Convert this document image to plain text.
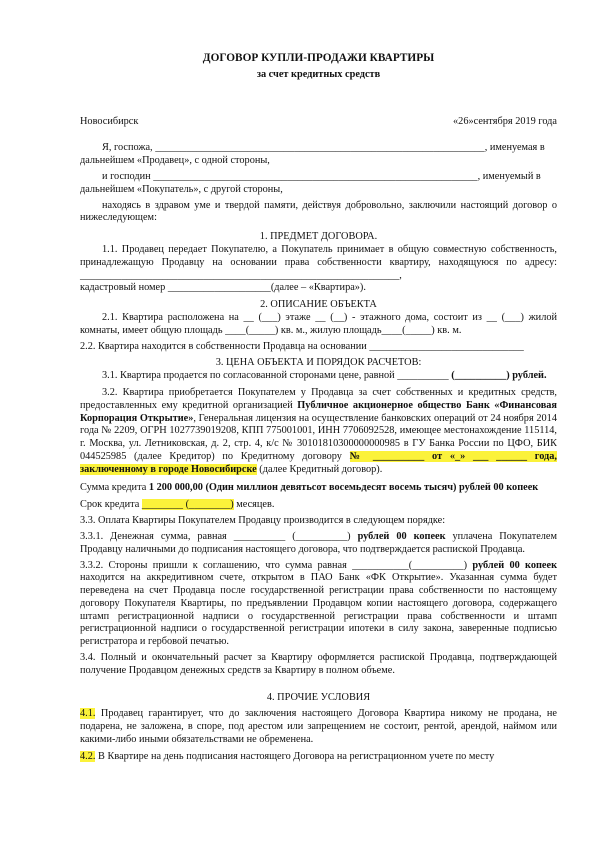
ДОГОВОР КУПЛИ-ПРОДАЖИ КВАРТИРЫ

за счет кредитных средств

Новосибирск	«26»сентября 2019 года

Я, госпожа, ________________________________________________________________, именуемая в

дальнейшем «Продавец», с одной стороны,

и господин _______________________________________________________________, именуемый в

дальнейшем «Покупатель», с другой стороны,

находясь в здравом уме и твердой памяти, действуя добровольно, заключили настоящий договор о нижеследующем:

1. ПРЕДМЕТ ДОГОВОРА.

1.1. Продавец передает Покупателю, а Покупатель принимает в общую совместную собственность, принадлежащую Продавцу на основании права собственности квартиру, находящуюся по адресу: ______________________________________________________________,

кадастровый номер ____________________(далее – «Квартира»).

2. ОПИСАНИЕ ОБЪЕКТА

2.1. Квартира расположена на __ (___) этаже __ (__) - этажного дома, состоит из __ (___) жилой комнаты, имеет общую площадь ____(_____) кв. м., жилую площадь____(_____) кв. м.

2.2. Квартира находится в собственности Продавца на основании ______________________________

3. ЦЕНА ОБЪЕКТА И ПОРЯДОК РАСЧЕТОВ:

3.1. Квартира продается по согласованной сторонами цене, равной __________ (__________) рублей.

3.2. Квартира приобретается Покупателем у Продавца за счет собственных и кредитных средств, предоставленных ему кредитной организацией Публичное акционерное общество Банк «Финансовая Корпорация Открытие», Генеральная лицензия на осуществление банковских операций от 24 ноября 2014 года № 2209, ОГРН 1027739019208, КПП 775001001, ИНН 7706092528, имеющее местонахождение 115114, г. Москва, ул. Летниковская, д. 2, стр. 4, к/с № 30101810300000000985 в ГУ Банка России по ЦФО, БИК 044525985 (далее Кредитор) по Кредитному договору № __________ от «_» ___ ______ года, заключенному в городе Новосибирске (далее Кредитный договор).

Сумма кредита 1 200 000,00 (Один миллион девятьсот восемьдесят восемь тысяч) рублей 00 копеек

Срок кредита ________ (________) месяцев.

3.3. Оплата Квартиры Покупателем Продавцу производится в следующем порядке:

3.3.1. Денежная сумма, равная __________ (__________) рублей 00 копеек уплачена Покупателем Продавцу наличными до подписания настоящего договора, что подтверждается распиской Продавца.

3.3.2. Стороны пришли к соглашению, что сумма равная ___________(__________) рублей 00 копеек находится на аккредитивном счете, открытом в ПАО Банк «ФК Открытие». Указанная сумма будет переведена на счет Продавца после государственной регистрации права собственности по настоящему договору Покупателя Квартиры, по предъявлении Продавцом копии настоящего договора, содержащего штамп регистрационной надписи о государственной регистрации права собственности и штамп регистрационной надписи о государственной регистрации ипотеки в силу закона, заверенные подписью регистратора и гербовой печатью.

3.4. Полный и окончательный расчет за Квартиру оформляется распиской Продавца, подтверждающей получение Продавцом денежных средств за Квартиру в полном объеме.

4. ПРОЧИЕ УСЛОВИЯ

4.1. Продавец гарантирует, что до заключения настоящего Договора Квартира никому не продана, не подарена, не заложена, в споре, под арестом или запрещением не состоит, рентой, арендой, наймом или какими-либо иными обязательствами не обременена.

4.2. В Квартире на день подписания настоящего Договора на регистрационном учете по месту
